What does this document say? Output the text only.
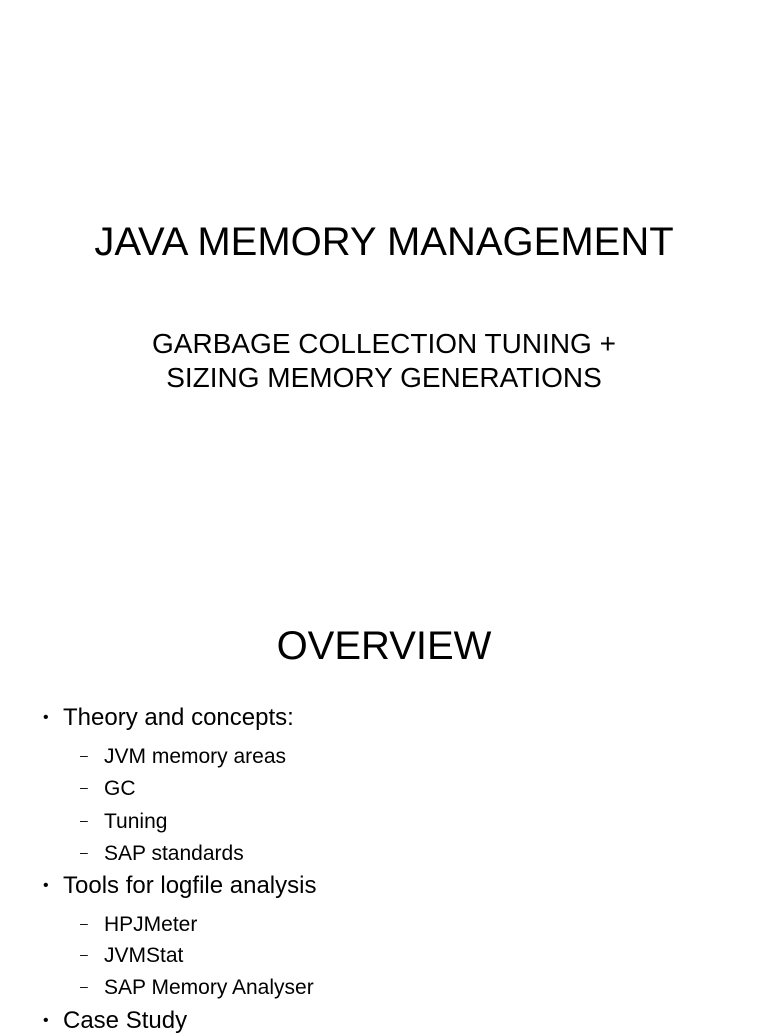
JAVA MEMORY MANAGEMENT
GARBAGE COLLECTION TUNING +
SIZING MEMORY GENERATIONS
OVERVIEW
• Theory and concepts:
– JVM memory areas
– GC
– Tuning
– SAP standards
• Tools for logfile analysis
– HPJMeter
– JVMStat
– SAP Memory Analyser
• Case Study
